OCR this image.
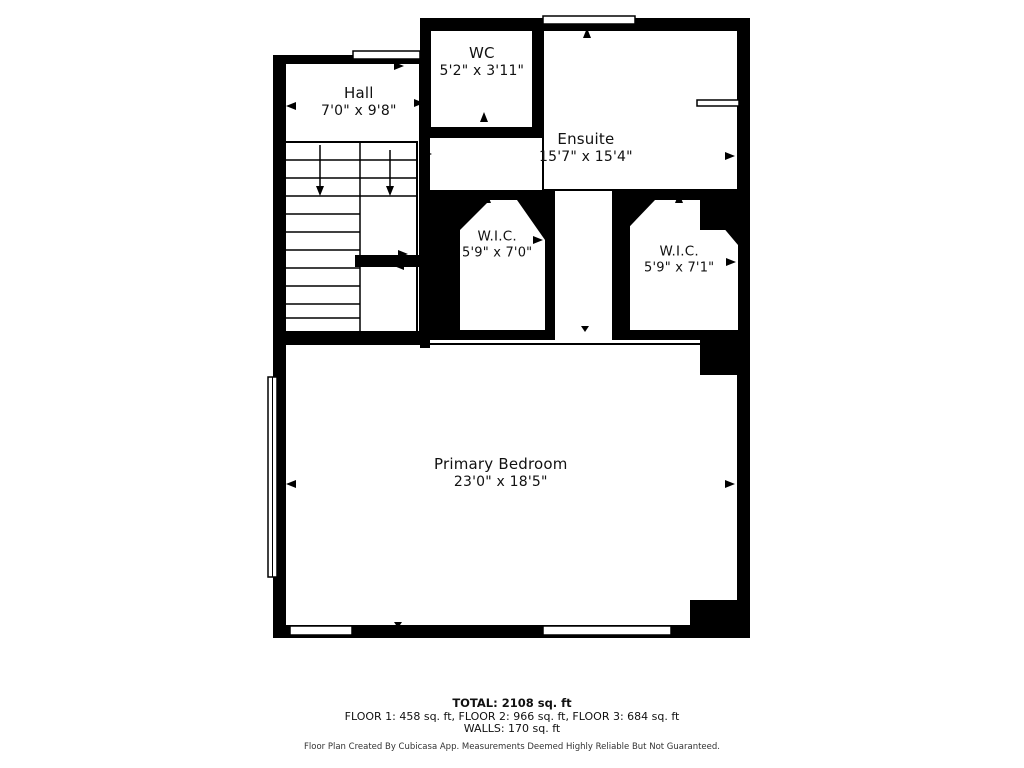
WC
5'2" x 3'11"
Hall
7'0" x 9'8"
Ensuite
15'7" x 15'4"
W.I.C.
5'9" x 7'0"	W.I.C.
5'9" x 7'1"
Primary Bedroom
23'0" x 18'5"
TOTAL: 2108 sq. ft
FLOOR 1: 458 sq. ft, FLOOR 2: 966 sq. ft, FLOOR 3: 684 sq. ft
WALLS: 170 sq. ft
Floor Plan Created By Cubicasa App. Measurements Deemed Highly Reliable But Not Guaranteed.
